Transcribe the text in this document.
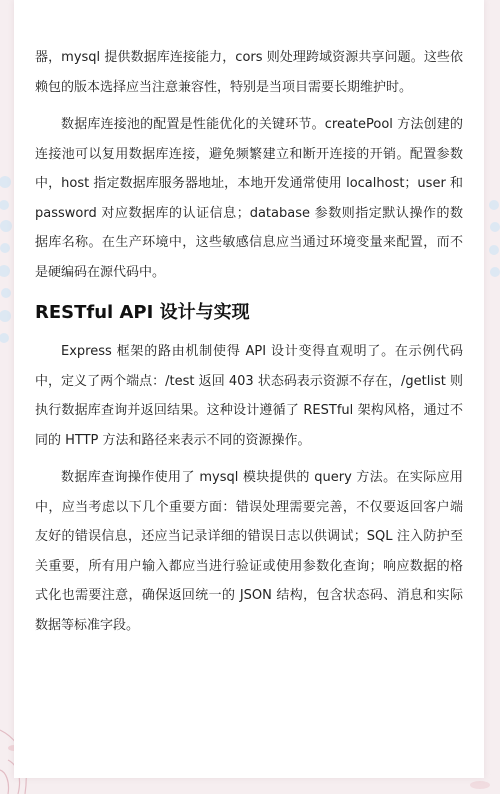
器，mysql 提供数据库连接能力，cors 则处理跨域资源共享问题。这些依赖包的版本选择应当注意兼容性，特别是当项目需要长期维护时。

数据库连接池的配置是性能优化的关键环节。createPool 方法创建的连接池可以复用数据库连接，避免频繁建立和断开连接的开销。配置参数中，host 指定数据库服务器地址，本地开发通常使用 localhost；user 和 password 对应数据库的认证信息；database 参数则指定默认操作的数据库名称。在生产环境中，这些敏感信息应当通过环境变量来配置，而不是硬编码在源代码中。

RESTful API 设计与实现

Express 框架的路由机制使得 API 设计变得直观明了。在示例代码中，定义了两个端点：/test 返回 403 状态码表示资源不存在，/getlist 则执行数据库查询并返回结果。这种设计遵循了 RESTful 架构风格，通过不同的 HTTP 方法和路径来表示不同的资源操作。

数据库查询操作使用了 mysql 模块提供的 query 方法。在实际应用中，应当考虑以下几个重要方面：错误处理需要完善，不仅要返回客户端友好的错误信息，还应当记录详细的错误日志以供调试；SQL 注入防护至关重要，所有用户输入都应当进行验证或使用参数化查询；响应数据的格式化也需要注意，确保返回统一的 JSON 结构，包含状态码、消息和实际数据等标准字段。
